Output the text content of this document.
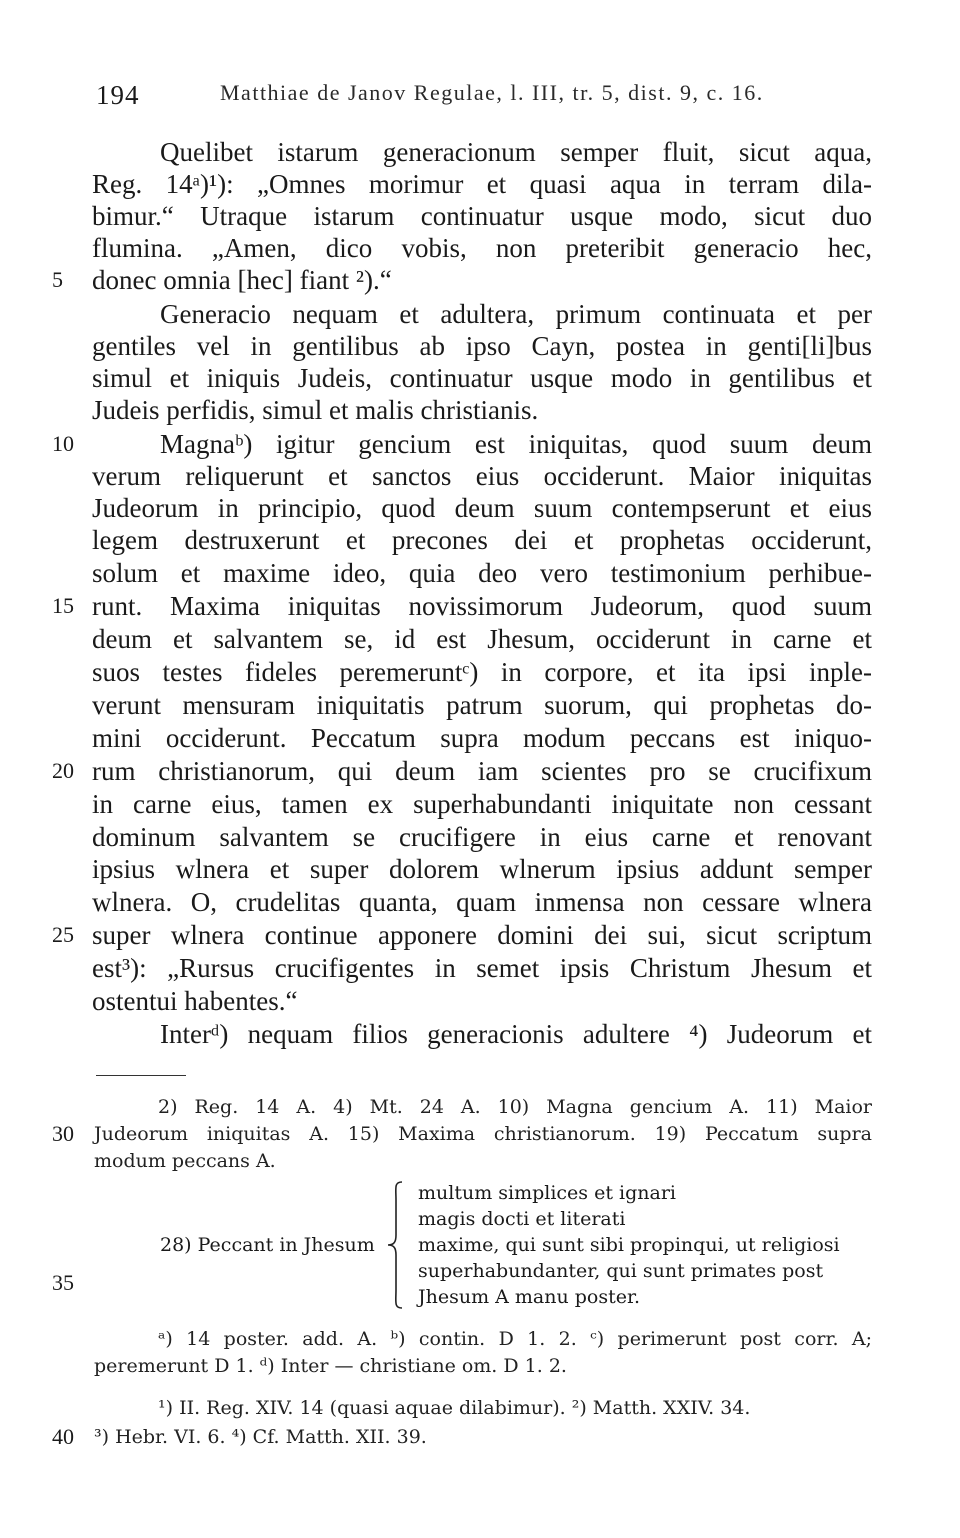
194	Matthiae de Janov Regulae, l. III, tr. 5, dist. 9, c. 16.
Quelibet istarum generacionum semper fluit, sicut aqua,
Reg. 14ᵃ)¹): „Omnes morimur et quasi aqua in terram dila-
bimur.“ Utraque istarum continuatur usque modo, sicut duo
flumina. „Amen, dico vobis, non preteribit generacio hec,
donec omnia [hec] fiant ²).“
Generacio nequam et adultera, primum continuata et per
gentiles vel in gentilibus ab ipso Cayn, postea in genti[li]bus
simul et iniquis Judeis, continuatur usque modo in gentilibus et
Judeis perfidis, simul et malis christianis.
Magnaᵇ) igitur gencium est iniquitas, quod suum deum
verum reliquerunt et sanctos eius occiderunt. Maior iniquitas
Judeorum in principio, quod deum suum contempserunt et eius
legem destruxerunt et precones dei et prophetas occiderunt,
solum et maxime ideo, quia deo vero testimonium perhibue-
runt. Maxima iniquitas novissimorum Judeorum, quod suum
deum et salvantem se, id est Jhesum, occiderunt in carne et
suos testes fideles peremeruntᶜ) in corpore, et ita ipsi inple-
verunt mensuram iniquitatis patrum suorum, qui prophetas do-
mini occiderunt. Peccatum supra modum peccans est iniquo-
rum christianorum, qui deum iam scientes pro se crucifixum
in carne eius, tamen ex superhabundanti iniquitate non cessant
dominum salvantem se crucifigere in eius carne et renovant
ipsius wlnera et super dolorem wlnerum ipsius addunt semper
wlnera. O, crudelitas quanta, quam inmensa non cessare wlnera
super wlnera continue apponere domini dei sui, sicut scriptum
est³): „Rursus crucifigentes in semet ipsis Christum Jhesum et
ostentui habentes.“
Interᵈ) nequam filios generacionis adultere ⁴) Judeorum et
5
10
15
20
25
2) Reg. 14 A. 4) Mt. 24 A. 10) Magna gencium A. 11) Maior
Judeorum iniquitas A. 15) Maxima christianorum. 19) Peccatum supra
modum peccans A.
28) Peccant in Jhesum
multum simplices et ignari
magis docti et literati
maxime, qui sunt sibi propinqui, ut religiosi
superhabundanter, qui sunt primates post
Jhesum A manu poster.
ᵃ) 14 poster. add. A. ᵇ) contin. D 1. 2. ᶜ) perimerunt post corr. A;
peremerunt D 1. ᵈ) Inter — christiane om. D 1. 2.
¹) II. Reg. XIV. 14 (quasi aquae dilabimur). ²) Matth. XXIV. 34.
³) Hebr. VI. 6. ⁴) Cf. Matth. XII. 39.
30
35
40
